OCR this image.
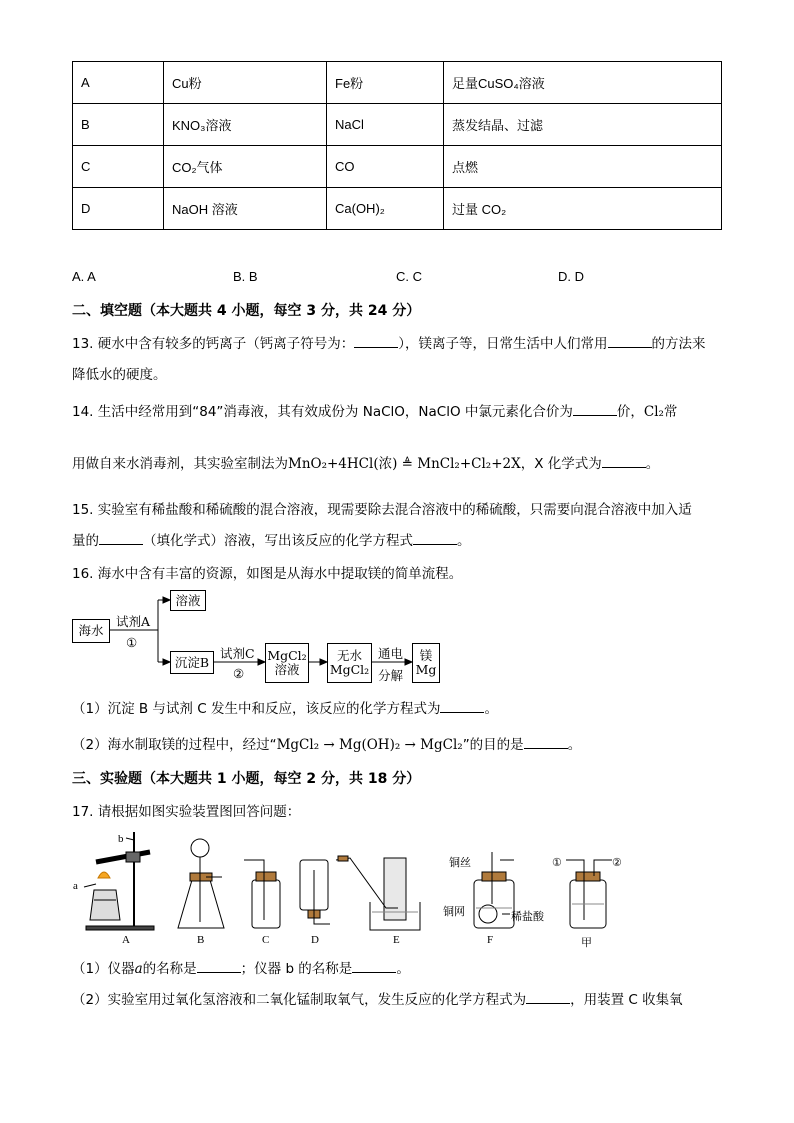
A	Cu粉	Fe粉	足量CuSO₄溶液
B	KNO₃溶液	NaCl	蒸发结晶、过滤
C	CO₂气体	CO	点燃
D	NaOH 溶液	Ca(OH)₂	过量 CO₂
A. A	B. B	C. C	D. D
二、填空题（本大题共 4 小题，每空 3 分，共 24 分）
13. 硬水中含有较多的钙离子（钙离子符号为：	），镁离子等，日常生活中人们常用	的方法来
降低水的硬度。
14. 生活中经常用到“84”消毒液，其有效成份为 NaClO，NaClO 中氯元素化合价为	价，Cl₂常
用做自来水消毒剂，其实验室制法为MnO₂+4HCl(浓) ≜ MnCl₂+Cl₂+2X，X 化学式为	。
15. 实验室有稀盐酸和稀硫酸的混合溶液，现需要除去混合溶液中的稀硫酸，只需要向混合溶液中加入适
量的	（填化学式）溶液，写出该反应的化学方程式	。
16. 海水中含有丰富的资源，如图是从海水中提取镁的简单流程。
海水
试剂A
①
溶液
沉淀B
试剂C
②
MgCl₂
溶液
无水
MgCl₂
通电
分解
镁
Mg
（1）沉淀 B 与试剂 C 发生中和反应，该反应的化学方程式为	。
（2）海水制取镁的过程中，经过“MgCl₂ → Mg(OH)₂ → MgCl₂”的目的是	。
三、实验题（本大题共 1 小题，每空 2 分，共 18 分）
17. 请根据如图实验装置图回答问题：
b
a
铜丝
铜网	稀盐酸
①	②
A	B	C	D	E	F	甲
（1）仪器a的名称是	；仪器 b 的名称是	。
（2）实验室用过氧化氢溶液和二氧化锰制取氧气，发生反应的化学方程式为	，用装置 C 收集氧
